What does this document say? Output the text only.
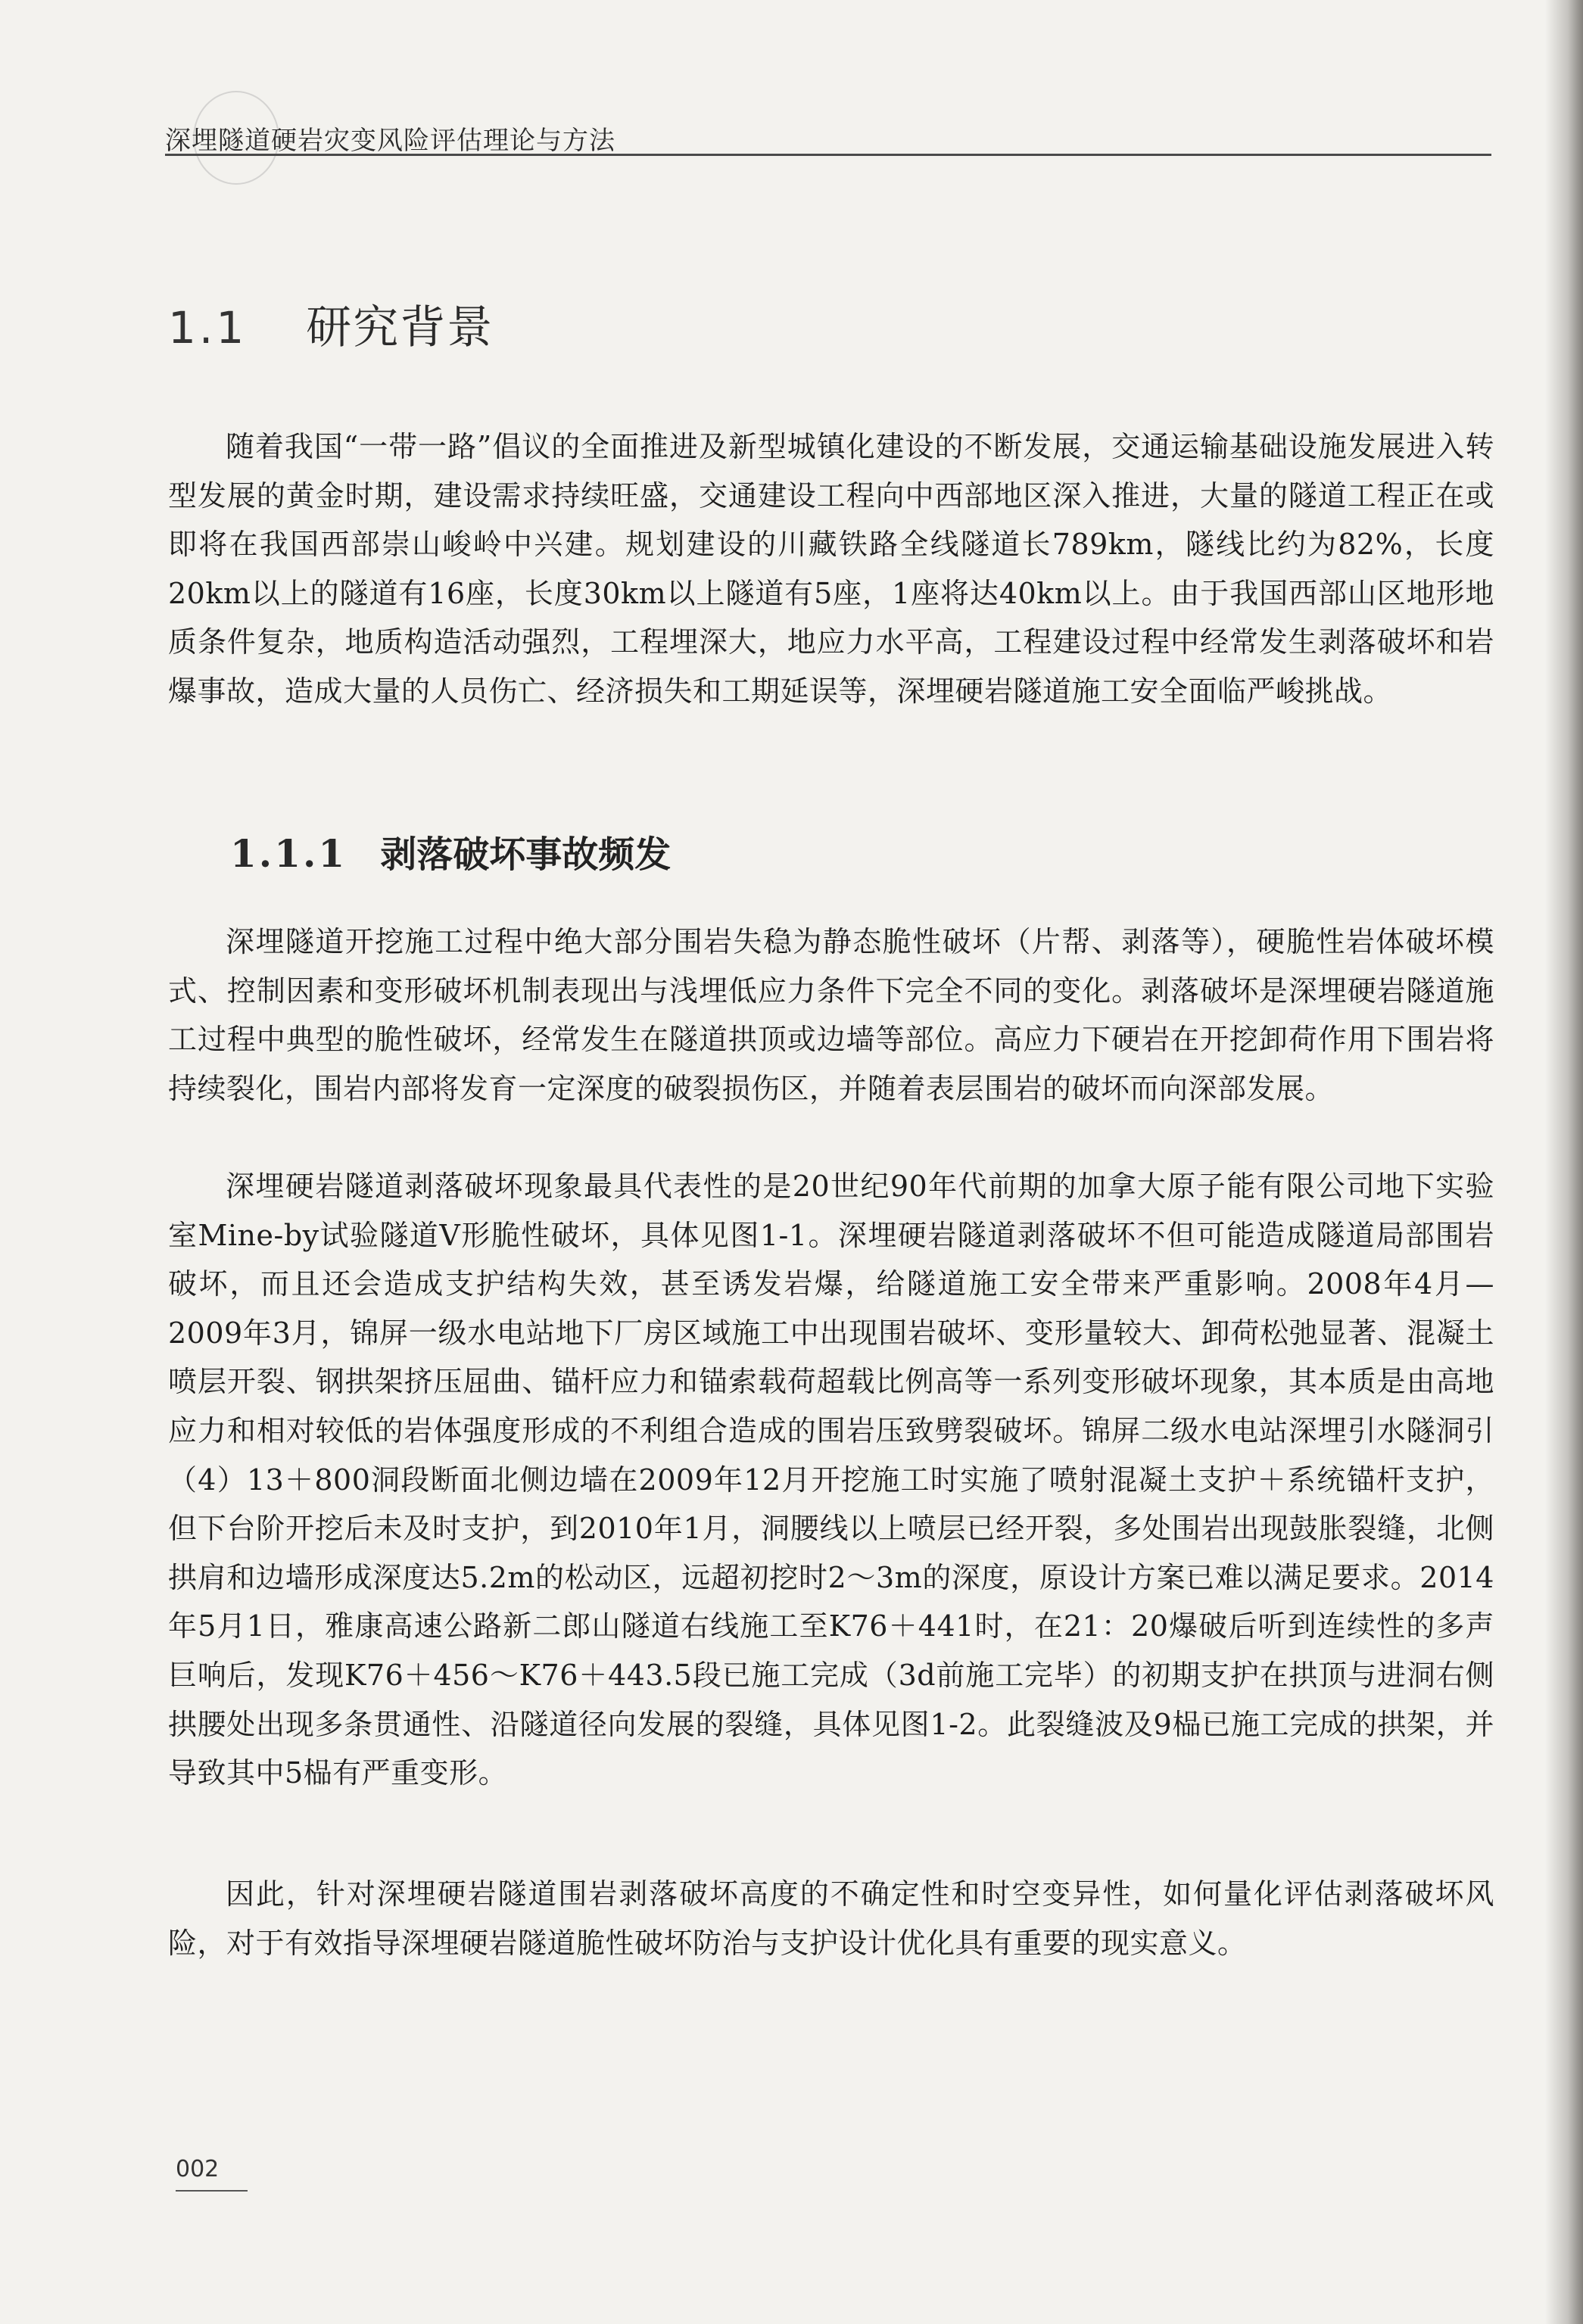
深埋隧道硬岩灾变风险评估理论与方法
1.1 研究背景

随着我国“一带一路”倡议的全面推进及新型城镇化建设的不断发展，交通运输基础设施发展进入转型发展的黄金时期，建设需求持续旺盛，交通建设工程向中西部地区深入推进，大量的隧道工程正在或即将在我国西部崇山峻岭中兴建。规划建设的川藏铁路全线隧道长789km，隧线比约为82%，长度20km以上的隧道有16座，长度30km以上隧道有5座，1座将达40km以上。由于我国西部山区地形地质条件复杂，地质构造活动强烈，工程埋深大，地应力水平高，工程建设过程中经常发生剥落破坏和岩爆事故，造成大量的人员伤亡、经济损失和工期延误等，深埋硬岩隧道施工安全面临严峻挑战。

1.1.1 剥落破坏事故频发

深埋隧道开挖施工过程中绝大部分围岩失稳为静态脆性破坏（片帮、剥落等），硬脆性岩体破坏模式、控制因素和变形破坏机制表现出与浅埋低应力条件下完全不同的变化。剥落破坏是深埋硬岩隧道施工过程中典型的脆性破坏，经常发生在隧道拱顶或边墙等部位。高应力下硬岩在开挖卸荷作用下围岩将持续裂化，围岩内部将发育一定深度的破裂损伤区，并随着表层围岩的破坏而向深部发展。

深埋硬岩隧道剥落破坏现象最具代表性的是20世纪90年代前期的加拿大原子能有限公司地下实验室Mine-by试验隧道V形脆性破坏，具体见图1-1。深埋硬岩隧道剥落破坏不但可能造成隧道局部围岩破坏，而且还会造成支护结构失效，甚至诱发岩爆，给隧道施工安全带来严重影响。2008年4月—2009年3月，锦屏一级水电站地下厂房区域施工中出现围岩破坏、变形量较大、卸荷松弛显著、混凝土喷层开裂、钢拱架挤压屈曲、锚杆应力和锚索载荷超载比例高等一系列变形破坏现象，其本质是由高地应力和相对较低的岩体强度形成的不利组合造成的围岩压致劈裂破坏。锦屏二级水电站深埋引水隧洞引（4）13＋800洞段断面北侧边墙在2009年12月开挖施工时实施了喷射混凝土支护＋系统锚杆支护，但下台阶开挖后未及时支护，到2010年1月，洞腰线以上喷层已经开裂，多处围岩出现鼓胀裂缝，北侧拱肩和边墙形成深度达5.2m的松动区，远超初挖时2～3m的深度，原设计方案已难以满足要求。2014年5月1日，雅康高速公路新二郎山隧道右线施工至K76＋441时，在21：20爆破后听到连续性的多声巨响后，发现K76＋456～K76＋443.5段已施工完成（3d前施工完毕）的初期支护在拱顶与进洞右侧拱腰处出现多条贯通性、沿隧道径向发展的裂缝，具体见图1-2。此裂缝波及9榀已施工完成的拱架，并导致其中5榀有严重变形。

因此，针对深埋硬岩隧道围岩剥落破坏高度的不确定性和时空变异性，如何量化评估剥落破坏风险，对于有效指导深埋硬岩隧道脆性破坏防治与支护设计优化具有重要的现实意义。

002
